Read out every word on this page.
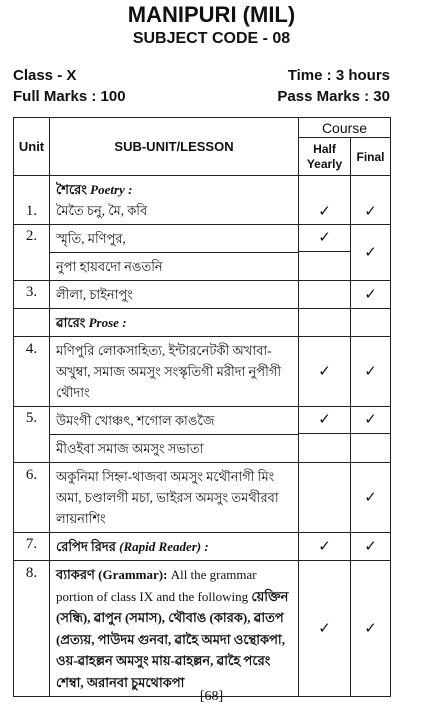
MANIPURI (MIL)
SUBJECT CODE - 08
Class - X	Time : 3 hours
Full Marks : 100	Pass Marks : 30
Unit	SUB-UNIT/LESSON	Course	
		Half Yearly	Final
1.	শৈরেং Poetry :
মৈতৈ চনু, মৈ, কবি	✓	✓
2.	স্মৃতি, মণিপুর,
নুপা হায়বদো নঙতনি	✓	✓
3.	লীলা, চাইনাপুং		✓
	ৱারেং Prose :		
4.	মণিপুরি লোকসাহিত্য, ইন্টারনেটকী অখাবা- অখুম্বা, সমাজ অমসুং সংস্কৃতিগী মরীদা নুপীগী থৌদাং	✓	✓
5.	উমংগী খোঞ্চৎ, শগোল কাঙজৈ
মীওইবা সমাজ অমসুং সভাতা	✓	✓

6.	অকুনিমা সিহ্না-থাজবা অমসুং মথৌনাগী মিং অমা, চণ্ডালগী মচা, ভাইরস অমসুং তমথীরবা লায়নাশিং		✓
7.	রেপিদ রিদর (Rapid Reader) :	✓	✓
8.	ব্যাকরণ (Grammar): All the grammar portion of class IX and the following য়েক্তিন (সন্ধি), ৱাপুন (সমাস), থৌবাঙ (কারক), ৱাতপ (প্রত্যয়, পাউদম গুনবা, ৱাহৈ অমদা ওন্থোকপা, ওয়-ৱাহল্লন অমসুং মায়-ৱাহল্লন, ৱাহৈ পরেং শেম্বা, অরানবা চুমথোকপা	✓	✓
[68]
